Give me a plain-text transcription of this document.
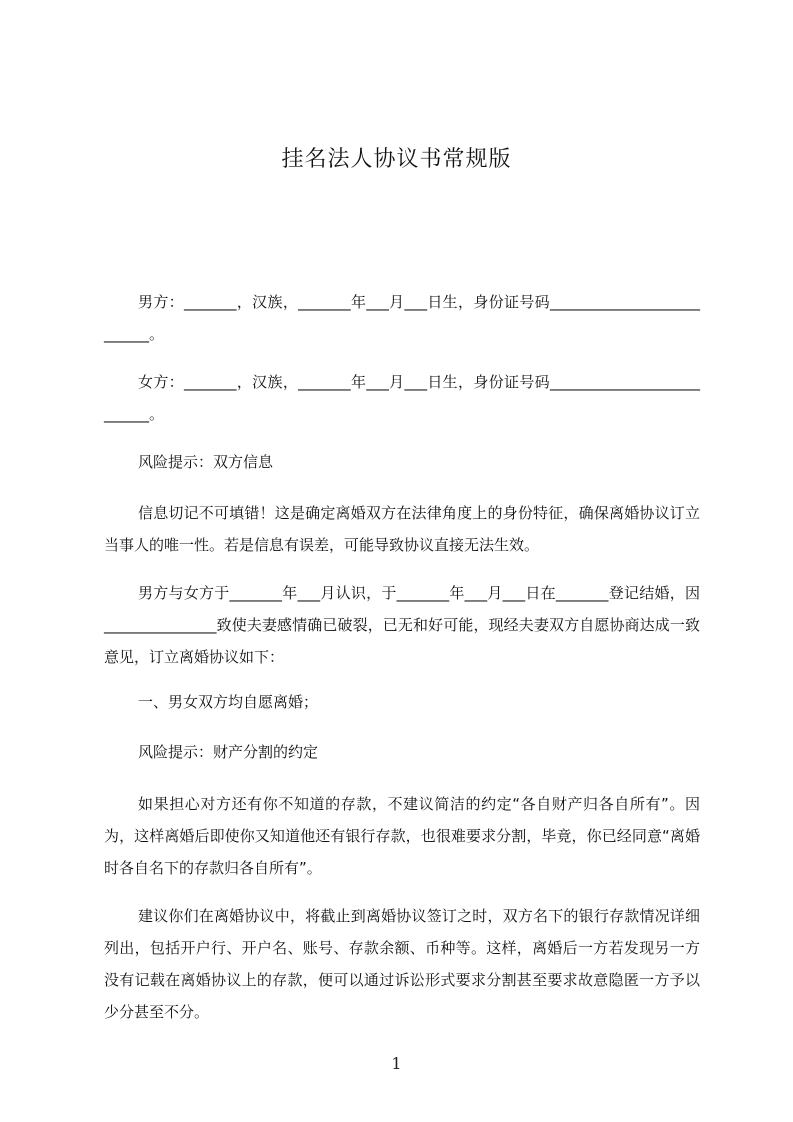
挂名法人协议书常规版
男方：_______，汉族，_______年___月___日生，身份证号码__________________________。
女方：_______，汉族，_______年___月___日生，身份证号码__________________________。
风险提示：双方信息
信息切记不可填错！这是确定离婚双方在法律角度上的身份特征，确保离婚协议订立当事人的唯一性。若是信息有误差，可能导致协议直接无法生效。
男方与女方于_______年___月认识，于_______年___月___日在_______登记结婚，因_______________致使夫妻感情确已破裂，已无和好可能，现经夫妻双方自愿协商达成一致意见，订立离婚协议如下：
一、男女双方均自愿离婚；
风险提示：财产分割的约定
如果担心对方还有你不知道的存款，不建议简洁的约定“各自财产归各自所有”。因为，这样离婚后即使你又知道他还有银行存款，也很难要求分割，毕竟，你已经同意“离婚时各自名下的存款归各自所有”。
建议你们在离婚协议中，将截止到离婚协议签订之时，双方名下的银行存款情况详细列出，包括开户行、开户名、账号、存款余额、币种等。这样，离婚后一方若发现另一方没有记载在离婚协议上的存款，便可以通过诉讼形式要求分割甚至要求故意隐匿一方予以少分甚至不分。
1
